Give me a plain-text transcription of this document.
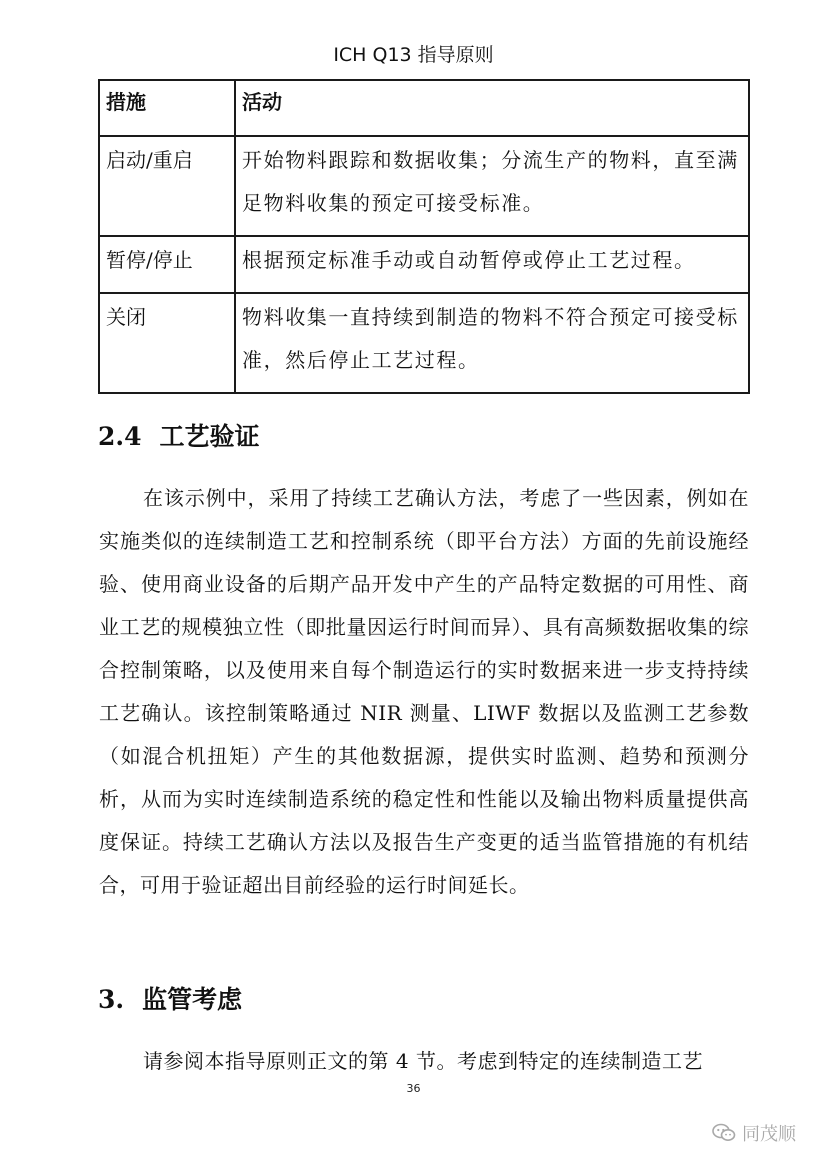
ICH Q13 指导原则
措施	活动
启动/重启	开始物料跟踪和数据收集；分流生产的物料，直至满足物料收集的预定可接受标准。
暂停/停止	根据预定标准手动或自动暂停或停止工艺过程。
关闭	物料收集一直持续到制造的物料不符合预定可接受标准，然后停止工艺过程。
2.4 工艺验证

在该示例中，采用了持续工艺确认方法，考虑了一些因素，例如在实施类似的连续制造工艺和控制系统（即平台方法）方面的先前设施经验、使用商业设备的后期产品开发中产生的产品特定数据的可用性、商业工艺的规模独立性（即批量因运行时间而异）、具有高频数据收集的综合控制策略，以及使用来自每个制造运行的实时数据来进一步支持持续工艺确认。该控制策略通过 NIR 测量、LIWF 数据以及监测工艺参数（如混合机扭矩）产生的其他数据源，提供实时监测、趋势和预测分析，从而为实时连续制造系统的稳定性和性能以及输出物料质量提供高度保证。持续工艺确认方法以及报告生产变更的适当监管措施的有机结合，可用于验证超出目前经验的运行时间延长。

3. 监管考虑

请参阅本指导原则正文的第 4 节。考虑到特定的连续制造工艺

36
同茂顺
